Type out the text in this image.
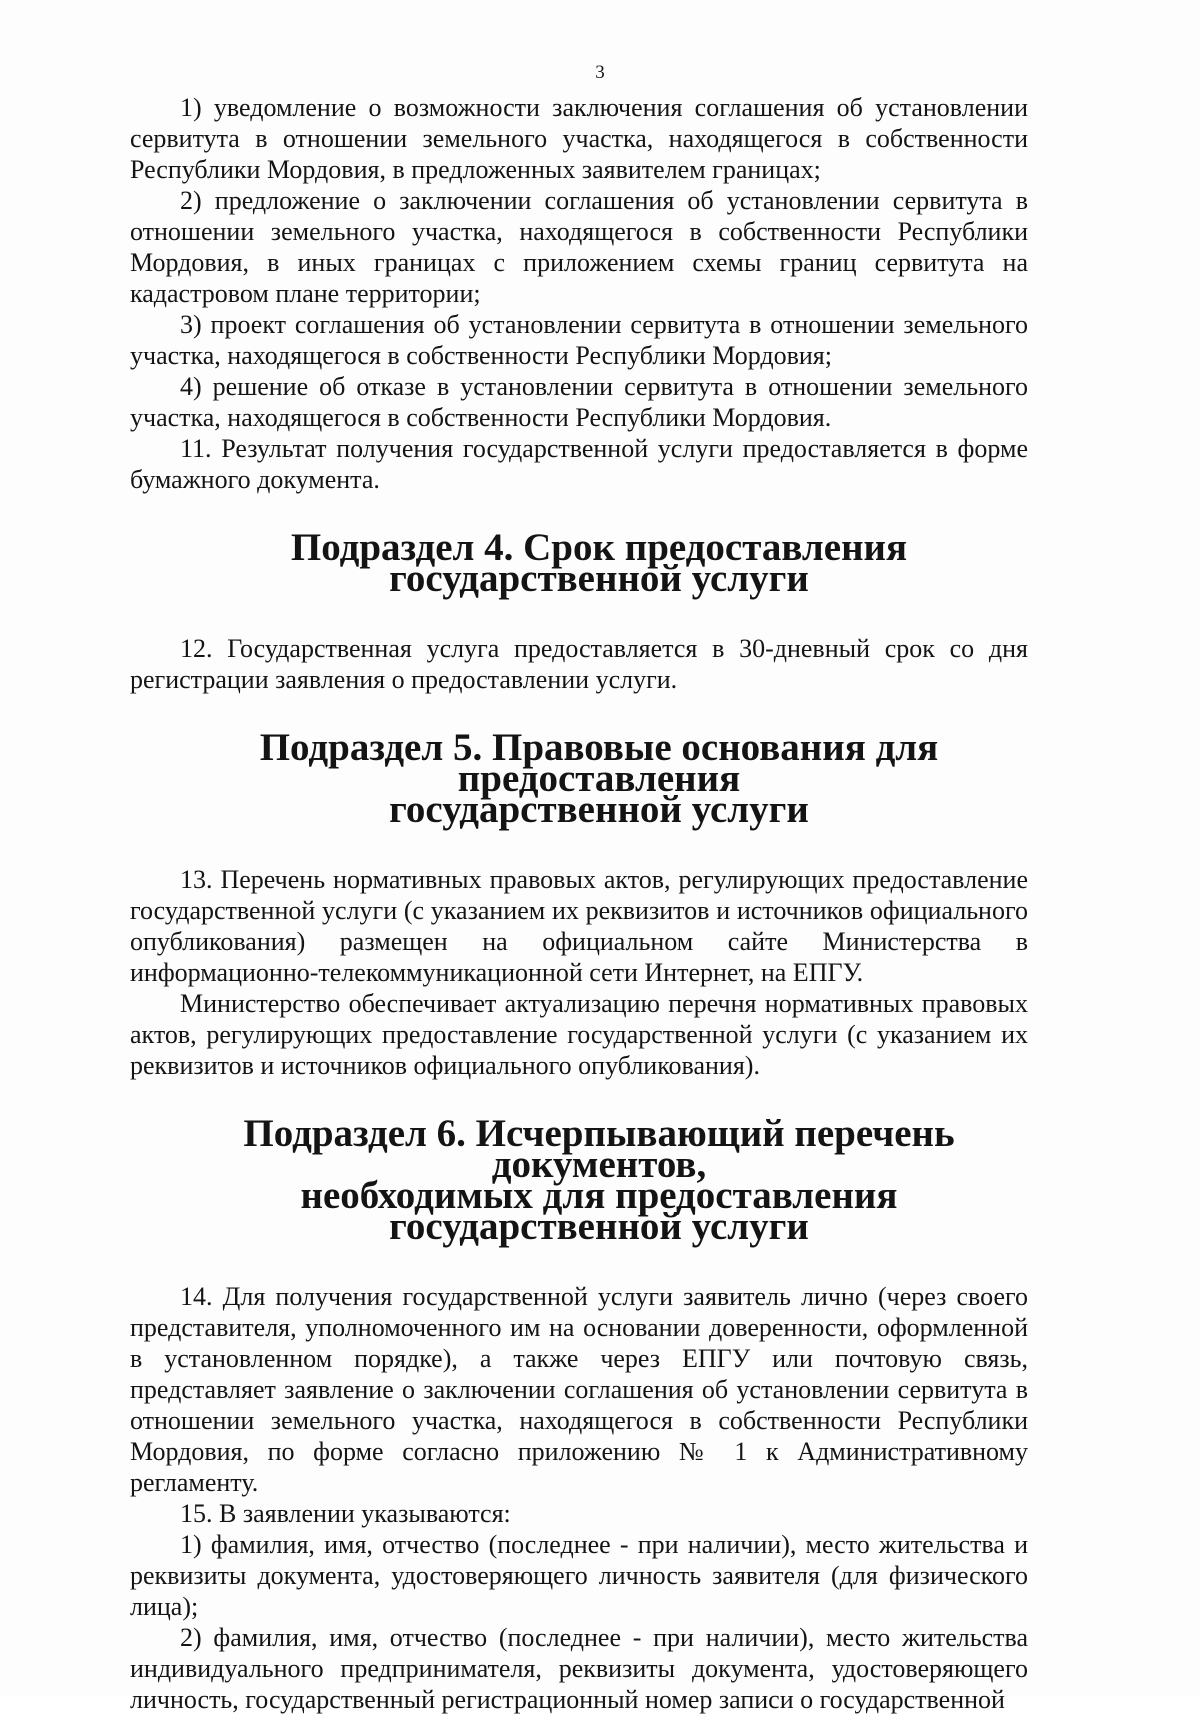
3

1) уведомление о возможности заключения соглашения об установлении сервитута в отношении земельного участка, находящегося в собственности Республики Мордовия, в предложенных заявителем границах;

2) предложение о заключении соглашения об установлении сервитута в отношении земельного участка, находящегося в собственности Республики Мордовия, в иных границах с приложением схемы границ сервитута на кадастровом плане территории;

3) проект соглашения об установлении сервитута в отношении земельного участка, находящегося в собственности Республики Мордовия;

4) решение об отказе в установлении сервитута в отношении земельного участка, находящегося в собственности Республики Мордовия.

11. Результат получения государственной услуги предоставляется в форме бумажного документа.

Подраздел 4. Срок предоставления государственной услуги

12. Государственная услуга предоставляется в 30-дневный срок со дня регистрации заявления о предоставлении услуги.

Подраздел 5. Правовые основания для предоставления
государственной услуги

13. Перечень нормативных правовых актов, регулирующих предоставление государственной услуги (с указанием их реквизитов и источников официального опубликования) размещен на официальном сайте Министерства в информационно-телекоммуникационной сети Интернет, на ЕПГУ.

Министерство обеспечивает актуализацию перечня нормативных правовых актов, регулирующих предоставление государственной услуги (с указанием их реквизитов и источников официального опубликования).

Подраздел 6. Исчерпывающий перечень документов,
необходимых для предоставления государственной услуги

14. Для получения государственной услуги заявитель лично (через своего представителя, уполномоченного им на основании доверенности, оформленной в установленном порядке), а также через ЕПГУ или почтовую связь, представляет заявление о заключении соглашения об установлении сервитута в отношении земельного участка, находящегося в собственности Республики Мордовия, по форме согласно приложению № 1 к Административному регламенту.

15. В заявлении указываются:

1) фамилия, имя, отчество (последнее - при наличии), место жительства и реквизиты документа, удостоверяющего личность заявителя (для физического лица);

2) фамилия, имя, отчество (последнее - при наличии), место жительства индивидуального предпринимателя, реквизиты документа, удостоверяющего личность, государственный регистрационный номер записи о государственной
